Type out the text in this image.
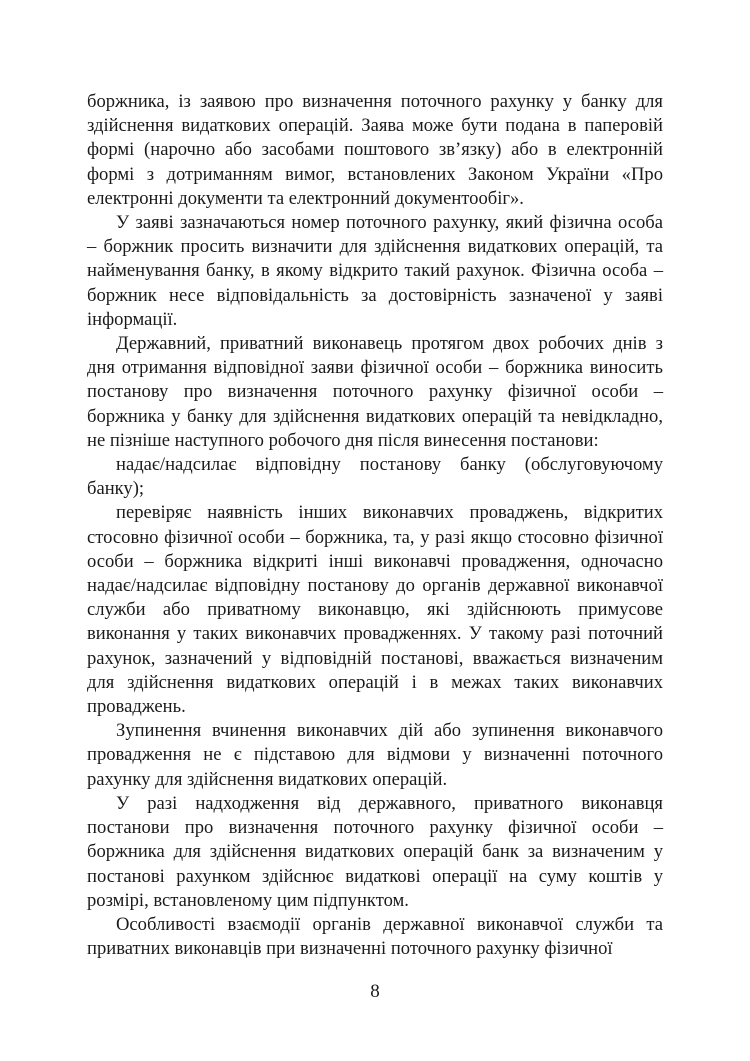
боржника, із заявою про визначення поточного рахунку у банку для здійснення видаткових операцій. Заява може бути подана в паперовій формі (нарочно або засобами поштового зв’язку) або в електронній формі з дотриманням вимог, встановлених Законом України «Про електронні документи та електронний документообіг».

У заяві зазначаються номер поточного рахунку, який фізична особа – боржник просить визначити для здійснення видаткових операцій, та найменування банку, в якому відкрито такий рахунок. Фізична особа – боржник несе відповідальність за достовірність зазначеної у заяві інформації.

Державний, приватний виконавець протягом двох робочих днів з дня отримання відповідної заяви фізичної особи – боржника виносить постанову про визначення поточного рахунку фізичної особи – боржника у банку для здійснення видаткових операцій та невідкладно, не пізніше наступного робочого дня після винесення постанови:

надає/надсилає відповідну постанову банку (обслуговуючому банку);

перевіряє наявність інших виконавчих проваджень, відкритих стосовно фізичної особи – боржника, та, у разі якщо стосовно фізичної особи – боржника відкриті інші виконавчі провадження, одночасно надає/надсилає відповідну постанову до органів державної виконавчої служби або приватному виконавцю, які здійснюють примусове виконання у таких виконавчих провадженнях. У такому разі поточний рахунок, зазначений у відповідній постанові, вважається визначеним для здійснення видаткових операцій і в межах таких виконавчих проваджень.

Зупинення вчинення виконавчих дій або зупинення виконавчого провадження не є підставою для відмови у визначенні поточного рахунку для здійснення видаткових операцій.

У разі надходження від державного, приватного виконавця постанови про визначення поточного рахунку фізичної особи – боржника для здійснення видаткових операцій банк за визначеним у постанові рахунком здійснює видаткові операції на суму коштів у розмірі, встановленому цим підпунктом.

Особливості взаємодії органів державної виконавчої служби та приватних виконавців при визначенні поточного рахунку фізичної

8
